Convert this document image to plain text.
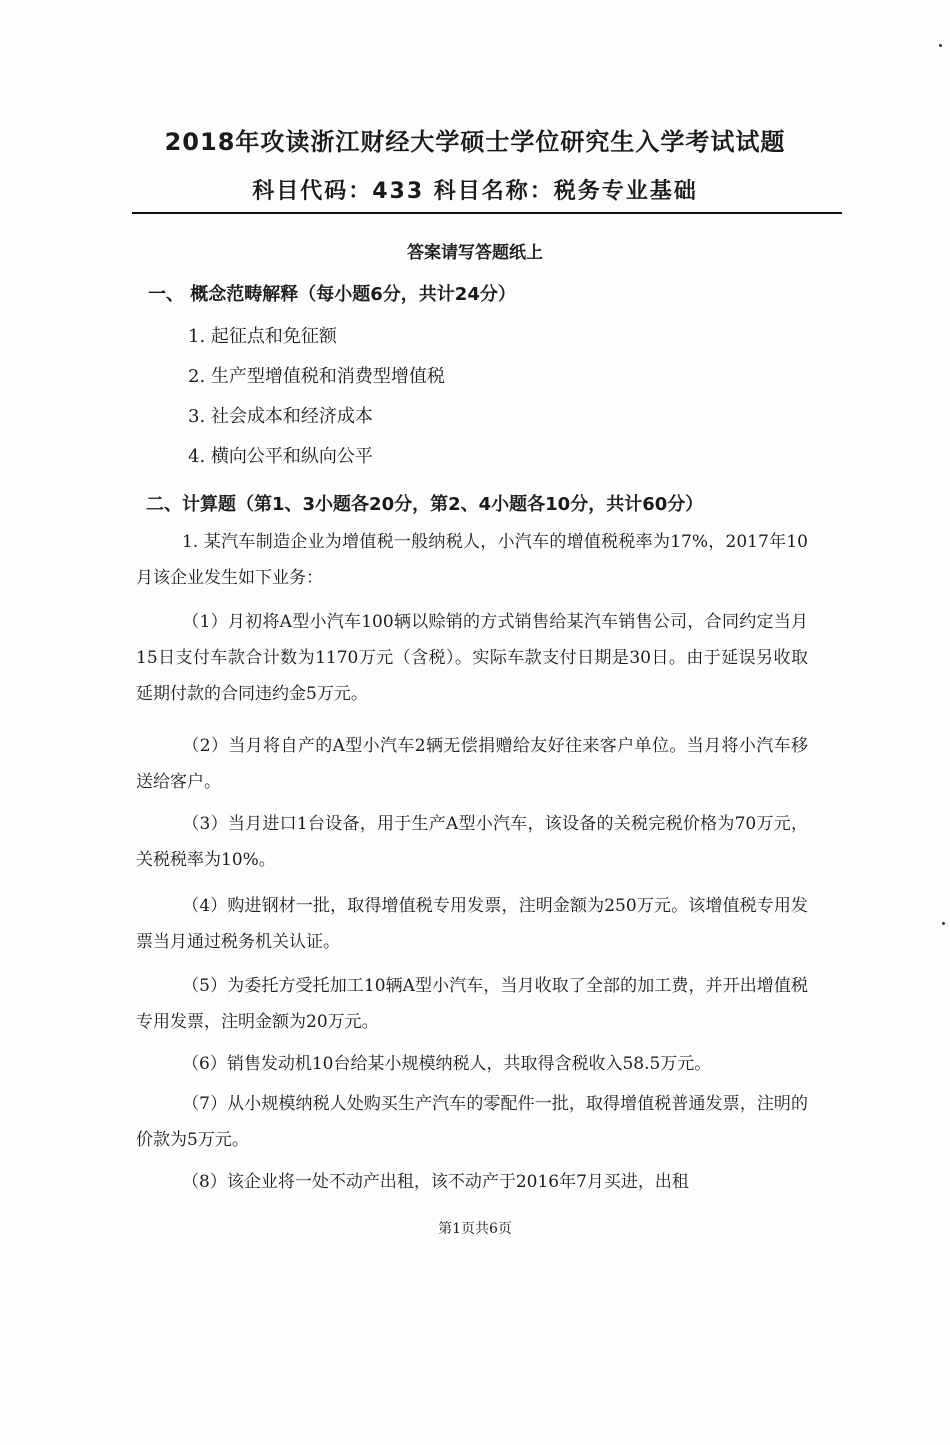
2018年攻读浙江财经大学硕士学位研究生入学考试试题
科目代码：433 科目名称：税务专业基础
答案请写答题纸上
一、 概念范畴解释（每小题6分，共计24分）
1. 起征点和免征额
2. 生产型增值税和消费型增值税
3. 社会成本和经济成本
4. 横向公平和纵向公平
二、计算题（第1、3小题各20分，第2、4小题各10分，共计60分）
1. 某汽车制造企业为增值税一般纳税人，小汽车的增值税税率为17%，2017年10月该企业发生如下业务：
（1）月初将A型小汽车100辆以赊销的方式销售给某汽车销售公司，合同约定当月15日支付车款合计数为1170万元（含税）。实际车款支付日期是30日。由于延误另收取延期付款的合同违约金5万元。
（2）当月将自产的A型小汽车2辆无偿捐赠给友好往来客户单位。当月将小汽车移送给客户。
（3）当月进口1台设备，用于生产A型小汽车，该设备的关税完税价格为70万元，关税税率为10%。
（4）购进钢材一批，取得增值税专用发票，注明金额为250万元。该增值税专用发票当月通过税务机关认证。
（5）为委托方受托加工10辆A型小汽车，当月收取了全部的加工费，并开出增值税专用发票，注明金额为20万元。
（6）销售发动机10台给某小规模纳税人，共取得含税收入58.5万元。
（7）从小规模纳税人处购买生产汽车的零配件一批，取得增值税普通发票，注明的价款为5万元。
（8）该企业将一处不动产出租，该不动产于2016年7月买进，出租
第1页共6页
